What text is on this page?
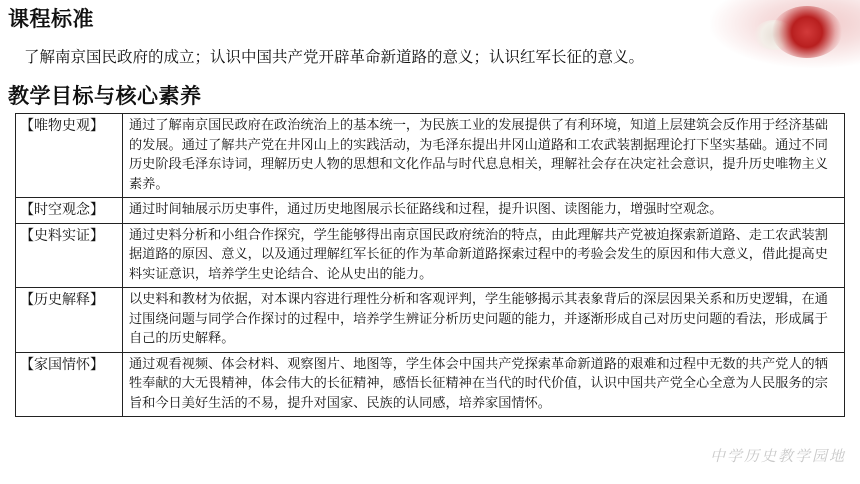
课程标准
了解南京国民政府的成立；认识中国共产党开辟革命新道路的意义；认识红军长征的意义。
教学目标与核心素养
【唯物史观】	通过了解南京国民政府在政治统治上的基本统一，为民族工业的发展提供了有利环境，知道上层建筑会反作用于经济基础的发展。通过了解共产党在井冈山上的实践活动，为毛泽东提出井冈山道路和工农武装割据理论打下坚实基础。通过不同历史阶段毛泽东诗词，理解历史人物的思想和文化作品与时代息息相关，理解社会存在决定社会意识，提升历史唯物主义素养。
【时空观念】	通过时间轴展示历史事件，通过历史地图展示长征路线和过程，提升识图、读图能力，增强时空观念。
【史料实证】	通过史料分析和小组合作探究，学生能够得出南京国民政府统治的特点，由此理解共产党被迫探索新道路、走工农武装割据道路的原因、意义，以及通过理解红军长征的作为革命新道路探索过程中的考验会发生的原因和伟大意义，借此提高史料实证意识，培养学生史论结合、论从史出的能力。
【历史解释】	以史料和教材为依据，对本课内容进行理性分析和客观评判，学生能够揭示其表象背后的深层因果关系和历史逻辑，在通过围绕问题与同学合作探讨的过程中，培养学生辨证分析历史问题的能力，并逐渐形成自己对历史问题的看法，形成属于自己的历史解释。
【家国情怀】	通过观看视频、体会材料、观察图片、地图等，学生体会中国共产党探索革命新道路的艰难和过程中无数的共产党人的牺牲奉献的大无畏精神，体会伟大的长征精神，感悟长征精神在当代的时代价值，认识中国共产党全心全意为人民服务的宗旨和今日美好生活的不易，提升对国家、民族的认同感，培养家国情怀。
中学历史教学园地
